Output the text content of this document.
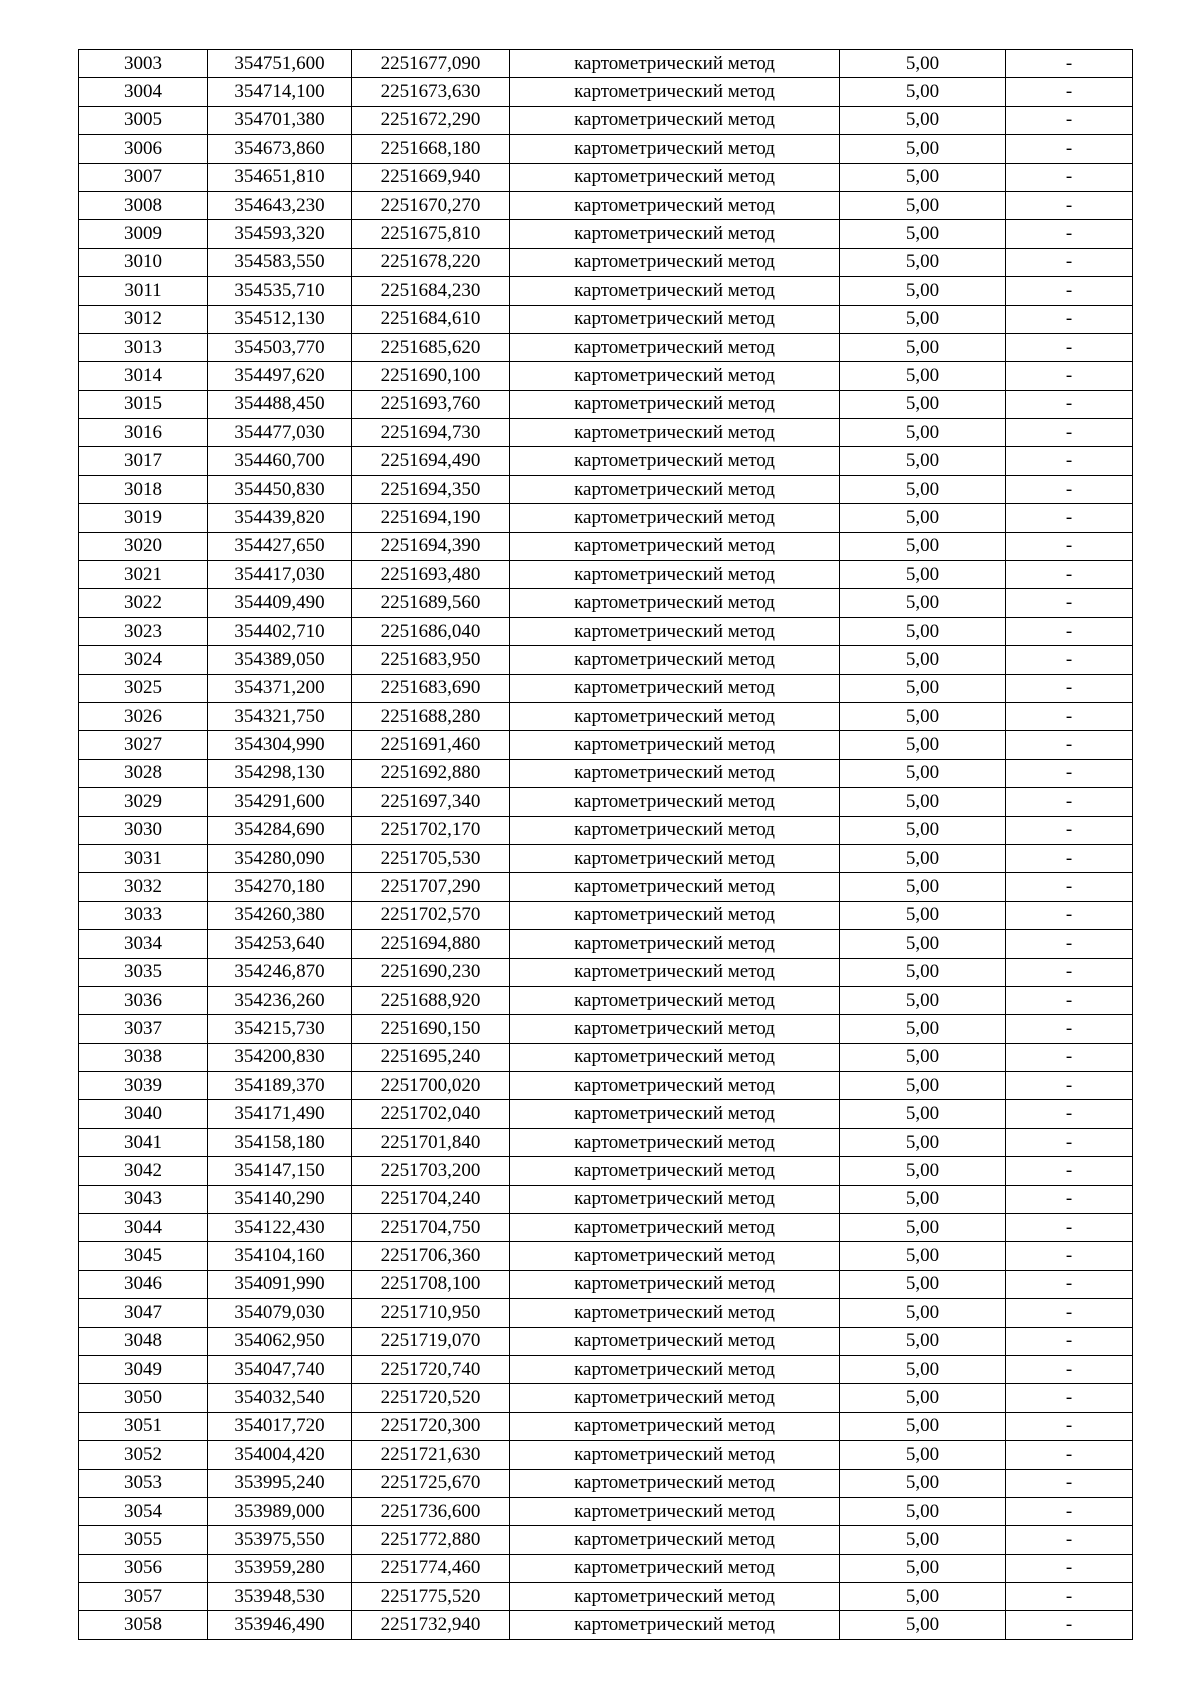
3003	354751,600	2251677,090	картометрический метод	5,00	-
3004	354714,100	2251673,630	картометрический метод	5,00	-
3005	354701,380	2251672,290	картометрический метод	5,00	-
3006	354673,860	2251668,180	картометрический метод	5,00	-
3007	354651,810	2251669,940	картометрический метод	5,00	-
3008	354643,230	2251670,270	картометрический метод	5,00	-
3009	354593,320	2251675,810	картометрический метод	5,00	-
3010	354583,550	2251678,220	картометрический метод	5,00	-
3011	354535,710	2251684,230	картометрический метод	5,00	-
3012	354512,130	2251684,610	картометрический метод	5,00	-
3013	354503,770	2251685,620	картометрический метод	5,00	-
3014	354497,620	2251690,100	картометрический метод	5,00	-
3015	354488,450	2251693,760	картометрический метод	5,00	-
3016	354477,030	2251694,730	картометрический метод	5,00	-
3017	354460,700	2251694,490	картометрический метод	5,00	-
3018	354450,830	2251694,350	картометрический метод	5,00	-
3019	354439,820	2251694,190	картометрический метод	5,00	-
3020	354427,650	2251694,390	картометрический метод	5,00	-
3021	354417,030	2251693,480	картометрический метод	5,00	-
3022	354409,490	2251689,560	картометрический метод	5,00	-
3023	354402,710	2251686,040	картометрический метод	5,00	-
3024	354389,050	2251683,950	картометрический метод	5,00	-
3025	354371,200	2251683,690	картометрический метод	5,00	-
3026	354321,750	2251688,280	картометрический метод	5,00	-
3027	354304,990	2251691,460	картометрический метод	5,00	-
3028	354298,130	2251692,880	картометрический метод	5,00	-
3029	354291,600	2251697,340	картометрический метод	5,00	-
3030	354284,690	2251702,170	картометрический метод	5,00	-
3031	354280,090	2251705,530	картометрический метод	5,00	-
3032	354270,180	2251707,290	картометрический метод	5,00	-
3033	354260,380	2251702,570	картометрический метод	5,00	-
3034	354253,640	2251694,880	картометрический метод	5,00	-
3035	354246,870	2251690,230	картометрический метод	5,00	-
3036	354236,260	2251688,920	картометрический метод	5,00	-
3037	354215,730	2251690,150	картометрический метод	5,00	-
3038	354200,830	2251695,240	картометрический метод	5,00	-
3039	354189,370	2251700,020	картометрический метод	5,00	-
3040	354171,490	2251702,040	картометрический метод	5,00	-
3041	354158,180	2251701,840	картометрический метод	5,00	-
3042	354147,150	2251703,200	картометрический метод	5,00	-
3043	354140,290	2251704,240	картометрический метод	5,00	-
3044	354122,430	2251704,750	картометрический метод	5,00	-
3045	354104,160	2251706,360	картометрический метод	5,00	-
3046	354091,990	2251708,100	картометрический метод	5,00	-
3047	354079,030	2251710,950	картометрический метод	5,00	-
3048	354062,950	2251719,070	картометрический метод	5,00	-
3049	354047,740	2251720,740	картометрический метод	5,00	-
3050	354032,540	2251720,520	картометрический метод	5,00	-
3051	354017,720	2251720,300	картометрический метод	5,00	-
3052	354004,420	2251721,630	картометрический метод	5,00	-
3053	353995,240	2251725,670	картометрический метод	5,00	-
3054	353989,000	2251736,600	картометрический метод	5,00	-
3055	353975,550	2251772,880	картометрический метод	5,00	-
3056	353959,280	2251774,460	картометрический метод	5,00	-
3057	353948,530	2251775,520	картометрический метод	5,00	-
3058	353946,490	2251732,940	картометрический метод	5,00	-
